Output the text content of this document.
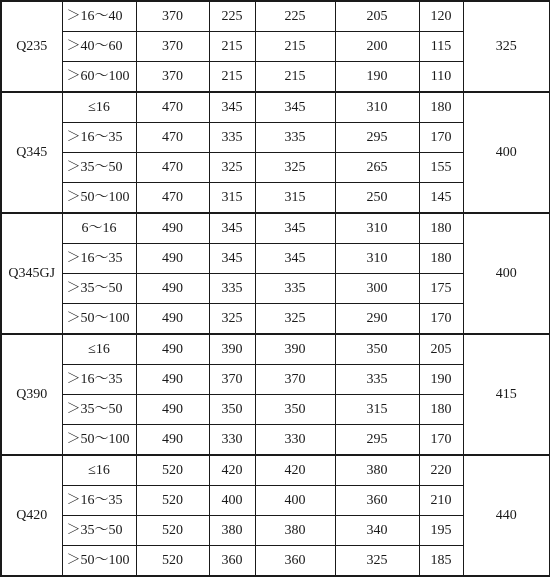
Q235	＞16～40	370	225	225	205	120	325
	＞40～60	370	215	215	200	115	
	＞60～100	370	215	215	190	110	
Q345	≤16	470	345	345	310	180	400
	＞16～35	470	335	335	295	170	
	＞35～50	470	325	325	265	155	
	＞50～100	470	315	315	250	145	
Q345GJ	6～16	490	345	345	310	180	400
	＞16～35	490	345	345	310	180	
	＞35～50	490	335	335	300	175	
	＞50～100	490	325	325	290	170	
Q390	≤16	490	390	390	350	205	415
	＞16～35	490	370	370	335	190	
	＞35～50	490	350	350	315	180	
	＞50～100	490	330	330	295	170	
Q420	≤16	520	420	420	380	220	440
	＞16～35	520	400	400	360	210	
	＞35～50	520	380	380	340	195	
	＞50～100	520	360	360	325	185	
